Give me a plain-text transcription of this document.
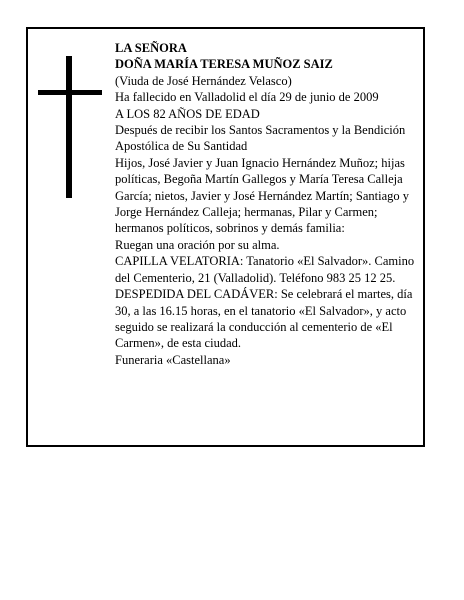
LA SEÑORA

DOÑA MARÍA TERESA MUÑOZ SAIZ

(Viuda de José Hernández Velasco)

Ha fallecido en Valladolid el día 29 de junio de 2009

A LOS 82 AÑOS DE EDAD

Después de recibir los Santos Sacramentos y la Bendición Apostólica de Su Santidad

Hijos, José Javier y Juan Ignacio Hernández Muñoz; hijas políticas, Begoña Martín Gallegos y María Teresa Calleja García; nietos, Javier y José Hernández Martín; Santiago y Jorge Hernández Calleja; hermanas, Pilar y Carmen; hermanos políticos, sobrinos y demás familia:

Ruegan una oración por su alma.

CAPILLA VELATORIA: Tanatorio «El Salvador». Camino del Cementerio, 21 (Valladolid). Teléfono 983 25 12 25.

DESPEDIDA DEL CADÁVER: Se celebrará el martes, día 30, a las 16.15 horas, en el tanatorio «El Salvador», y acto seguido se realizará la conducción al cementerio de «El Carmen», de esta ciudad.

Funeraria «Castellana»
